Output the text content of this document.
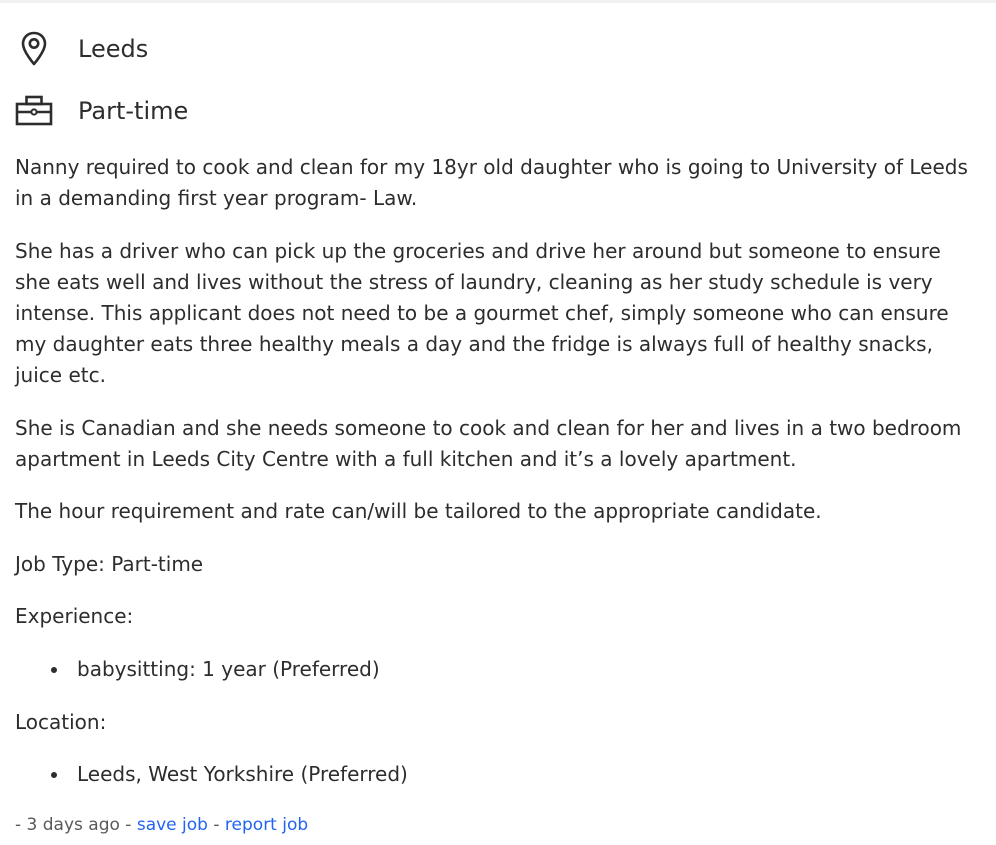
Leeds
Part-time

Nanny required to cook and clean for my 18yr old daughter who is going to University of Leeds in a demanding first year program- Law.

She has a driver who can pick up the groceries and drive her around but someone to ensure she eats well and lives without the stress of laundry, cleaning as her study schedule is very intense. This applicant does not need to be a gourmet chef, simply someone who can ensure my daughter eats three healthy meals a day and the fridge is always full of healthy snacks, juice etc.

She is Canadian and she needs someone to cook and clean for her and lives in a two bedroom apartment in Leeds City Centre with a full kitchen and it’s a lovely apartment.

The hour requirement and rate can/will be tailored to the appropriate candidate.

Job Type: Part-time

Experience:

babysitting: 1 year (Preferred)

Location:

Leeds, West Yorkshire (Preferred)
- 3 days ago - save job - report job
